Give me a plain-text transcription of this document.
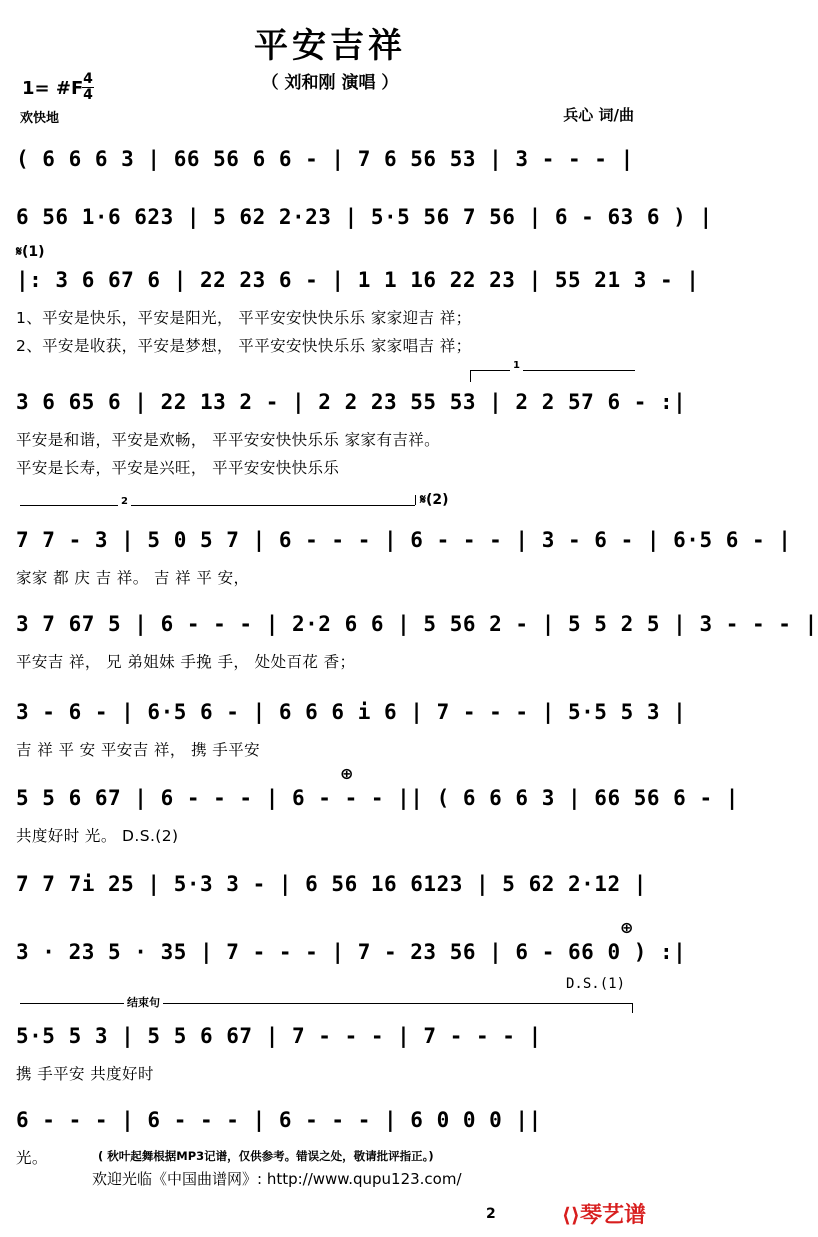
平安吉祥
（ 刘和刚 演唱 ）
1= #F 4
4
欢快地	兵心 词/曲
( 6 6 6 3 | 66 56 6 6 - | 7 6 56 53 | 3 - - - |
6 56 1·6 623 | 5 62 2·23 | 5·5 56 7 56 | 6 - 63 6 ) |
𝄋(1)
|: 3 6 67 6 | 22 23 6 - | 1 1 16 22 23 | 55 21 3 - |
1、平安是快乐，平安是阳光， 平平安安快快乐乐 家家迎吉 祥；
2、平安是收获，平安是梦想， 平平安安快快乐乐 家家唱吉 祥；
1
3 6 65 6 | 22 13 2 - | 2 2 23 55 53 | 2 2 57 6 - :|
平安是和谐，平安是欢畅， 平平安安快快乐乐 家家有吉祥。
平安是长寿，平安是兴旺， 平平安安快快乐乐
2	𝄋(2)
7 7 - 3 | 5 0 5 7 | 6 - - - | 6 - - - | 3 - 6 - | 6·5 6 - |
家家 都 庆 吉 祥。 吉 祥 平 安，
3 7 67 5 | 6 - - - | 2·2 6 6 | 5 56 2 - | 5 5 2 5 | 3 - - - |
平安吉 祥， 兄 弟姐妹 手挽 手， 处处百花 香；
3 - 6 - | 6·5 6 - | 6 6 6 i 6 | 7 - - - | 5·5 5 3 |
吉 祥 平 安 平安吉 祥， 携 手平安
⊕
5 5 6 67 | 6 - - - | 6 - - - || ( 6 6 6 3 | 66 56 6 - |
共度好时 光。 D.S.(2)
7 7 7i 25 | 5·3 3 - | 6 56 16 6123 | 5 62 2·12 |
⊕
3 · 23 5 · 35 | 7 - - - | 7 - 23 56 | 6 - 66 0 ) :|
D.S.(1)
结束句
5·5 5 3 | 5 5 6 67 | 7 - - - | 7 - - - |
携 手平安 共度好时
6 - - - | 6 - - - | 6 - - - | 6 0 0 0 ||
光。	( 秋叶起舞根据MP3记谱，仅供参考。错误之处，敬请批评指正。)
欢迎光临《中国曲谱网》: http://www.qupu123.com/
2	⟨⟩琴艺谱
